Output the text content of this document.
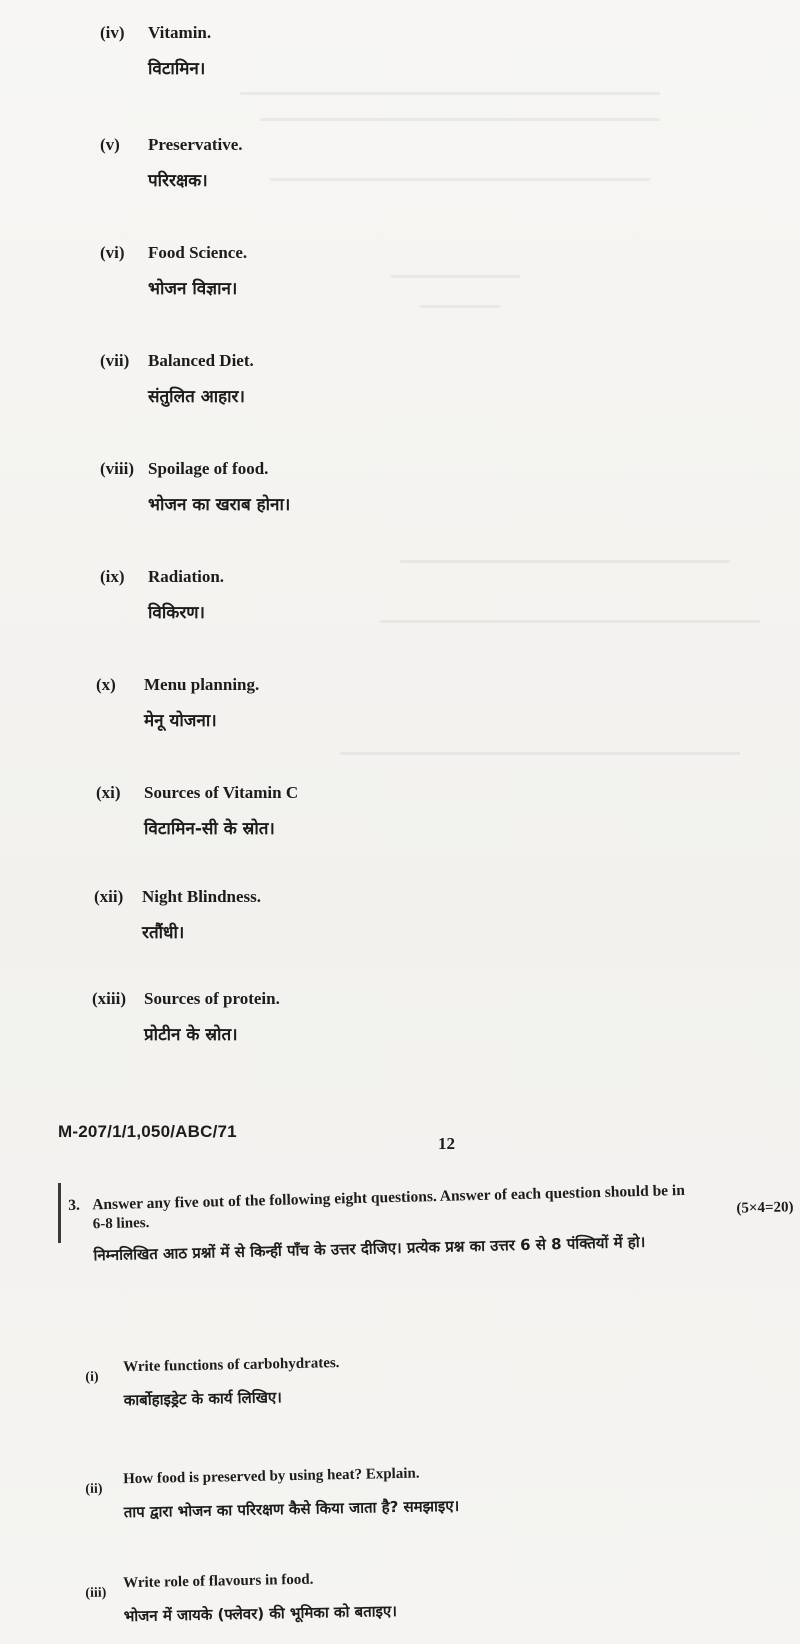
(iv)	Vitamin.
विटामिन।
(v)	Preservative.
परिरक्षक।
(vi)	Food Science.
भोजन विज्ञान।
(vii)	Balanced Diet.
संतुलित आहार।
(viii) Spoilage of food.
भोजन का खराब होना।
(ix)	Radiation.
विकिरण।
(x)	Menu planning.
मेनू योजना।
(xi)	Sources of Vitamin C
विटामिन-सी के स्रोत।
(xii)	Night Blindness.
रतौंधी।
(xiii)	Sources of protein.
प्रोटीन के स्रोत।
M-207/1/1,050/ABC/71
12
3. Answer any five out of the following eight questions. Answer of each question should be in
6-8 lines.
(5×4=20)
निम्नलिखित आठ प्रश्नों में से किन्हीं पाँच के उत्तर दीजिए। प्रत्येक प्रश्न का उत्तर 6 से 8 पंक्तियों में हो।
(i)
Write functions of carbohydrates.
कार्बोहाइड्रेट के कार्य लिखिए।
(ii)
How food is preserved by using heat? Explain.
ताप द्वारा भोजन का परिरक्षण कैसे किया जाता है? समझाइए।
(iii)
Write role of flavours in food.
भोजन में जायके (फ्लेवर) की भूमिका को बताइए।
